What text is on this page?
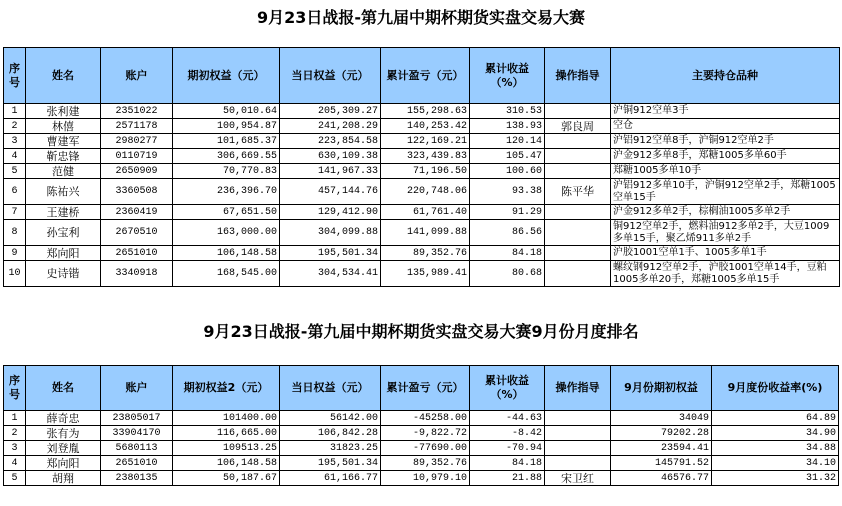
9月23日战报-第九届中期杯期货实盘交易大赛
序号	姓名	账户	期初权益（元）	当日权益（元）	累计盈亏（元）	累计收益（%）	操作指导	主要持仓品种
1	张利建	2351022	50,010.64	205,309.27	155,298.63	310.53		沪铜912空单3手
2	林僖	2571178	100,954.87	241,208.29	140,253.42	138.93	郭良周	空仓
3	曹建军	2980277	101,685.37	223,854.58	122,169.21	120.14		沪铝912空单8手，沪铜912空单2手
4	靳忠锋	0110719	306,669.55	630,109.38	323,439.83	105.47		沪金912多单8手，郑糖1005多单60手
5	范健	2650909	70,770.83	141,967.33	71,196.50	100.60		郑糖1005多单10手
6	陈祐兴	3360508	236,396.70	457,144.76	220,748.06	93.38	陈平华	沪铝912多单10手，沪铜912空单2手，郑糖1005空单15手
7	王建桥	2360419	67,651.50	129,412.90	61,761.40	91.29		沪金912多单2手，棕榈油1005多单2手
8	孙宝利	2670510	163,000.00	304,099.88	141,099.88	86.56		铜912空单2手，燃料油912多单2手，大豆1009多单15手，聚乙烯911多单2手
9	郑向阳	2651010	106,148.58	195,501.34	89,352.76	84.18		沪胶1001空单1手、1005多单1手
10	史诗锴	3340918	168,545.00	304,534.41	135,989.41	80.68		螺纹钢912空单2手，沪胶1001空单14手，豆粕1005多单20手，郑糖1005多单15手
9月23日战报-第九届中期杯期货实盘交易大赛9月份月度排名
序号	姓名	账户	期初权益2（元）	当日权益（元）	累计盈亏（元）	累计收益（%）	操作指导	9月份期初权益	9月度份收益率(%)
1	薛奇忠	23805017	101400.00	56142.00	-45258.00	-44.63		34049	64.89
2	张有为	33904170	116,665.00	106,842.28	-9,822.72	-8.42		79202.28	34.90
3	刘登胤	5680113	109513.25	31823.25	-77690.00	-70.94		23594.41	34.88
4	郑向阳	2651010	106,148.58	195,501.34	89,352.76	84.18		145791.52	34.10
5	胡翔	2380135	50,187.67	61,166.77	10,979.10	21.88	宋卫红	46576.77	31.32
